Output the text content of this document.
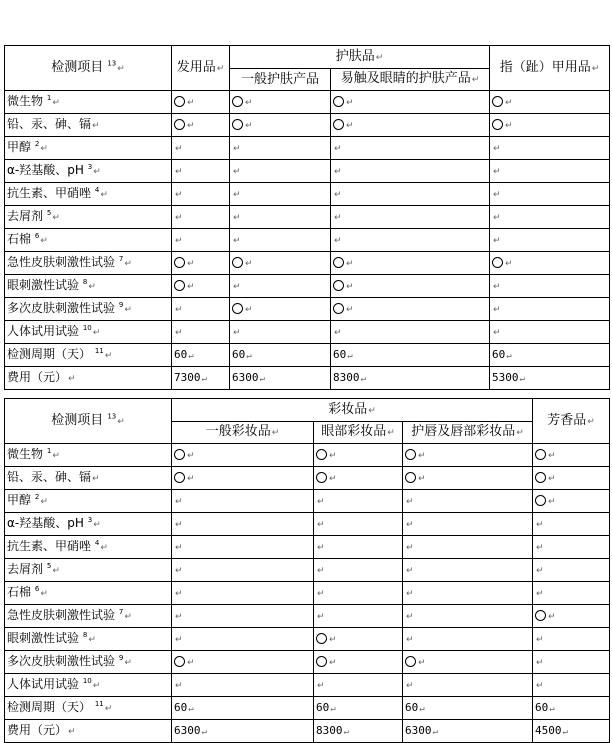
检测项目 $^{13}$↵	发用品↵	护肤品↵		指（趾）甲用品↵
		一般护肤产品	易触及眼睛的护肤产品↵	
微生物 $^1$↵	↵	↵	↵	↵
铅、汞、砷、镉↵	↵	↵	↵	↵
甲醇 $^2$↵	↵	↵	↵	↵
α-羟基酸、pH $^3$↵	↵	↵	↵	↵
抗生素、甲硝唑 $^4$↵	↵	↵	↵	↵
去屑剂 $^5$↵	↵	↵	↵	↵
石棉 $^6$↵	↵	↵	↵	↵
急性皮肤刺激性试验 $^7$↵	↵	↵	↵	↵
眼刺激性试验 $^8$↵	↵	↵	↵	↵
多次皮肤刺激性试验 $^9$↵	↵	↵	↵	↵
人体试用试验 $^{10}$↵	↵	↵	↵	↵
检测周期（天） $^{11}$↵	60↵	60↵	60↵	60↵
费用（元）↵	7300↵	6300↵	8300↵	5300↵
检测项目 $^{13}$↵	彩妆品↵			芳香品↵
	一般彩妆品↵	眼部彩妆品↵	护唇及唇部彩妆品↵	
微生物 $^1$↵	↵	↵	↵	↵
铅、汞、砷、镉↵	↵	↵	↵	↵
甲醇 $^2$↵	↵	↵	↵	↵
α-羟基酸、pH $^3$↵	↵	↵	↵	↵
抗生素、甲硝唑 $^4$↵	↵	↵	↵	↵
去屑剂 $^5$↵	↵	↵	↵	↵
石棉 $^6$↵	↵	↵	↵	↵
急性皮肤刺激性试验 $^7$↵	↵	↵	↵	↵
眼刺激性试验 $^8$↵	↵	↵	↵	↵
多次皮肤刺激性试验 $^9$↵	↵	↵	↵	↵
人体试用试验 $^{10}$↵	↵	↵	↵	↵
检测周期（天） $^{11}$↵	60↵	60↵	60↵	60↵
费用（元）↵	6300↵	8300↵	6300↵	4500↵
